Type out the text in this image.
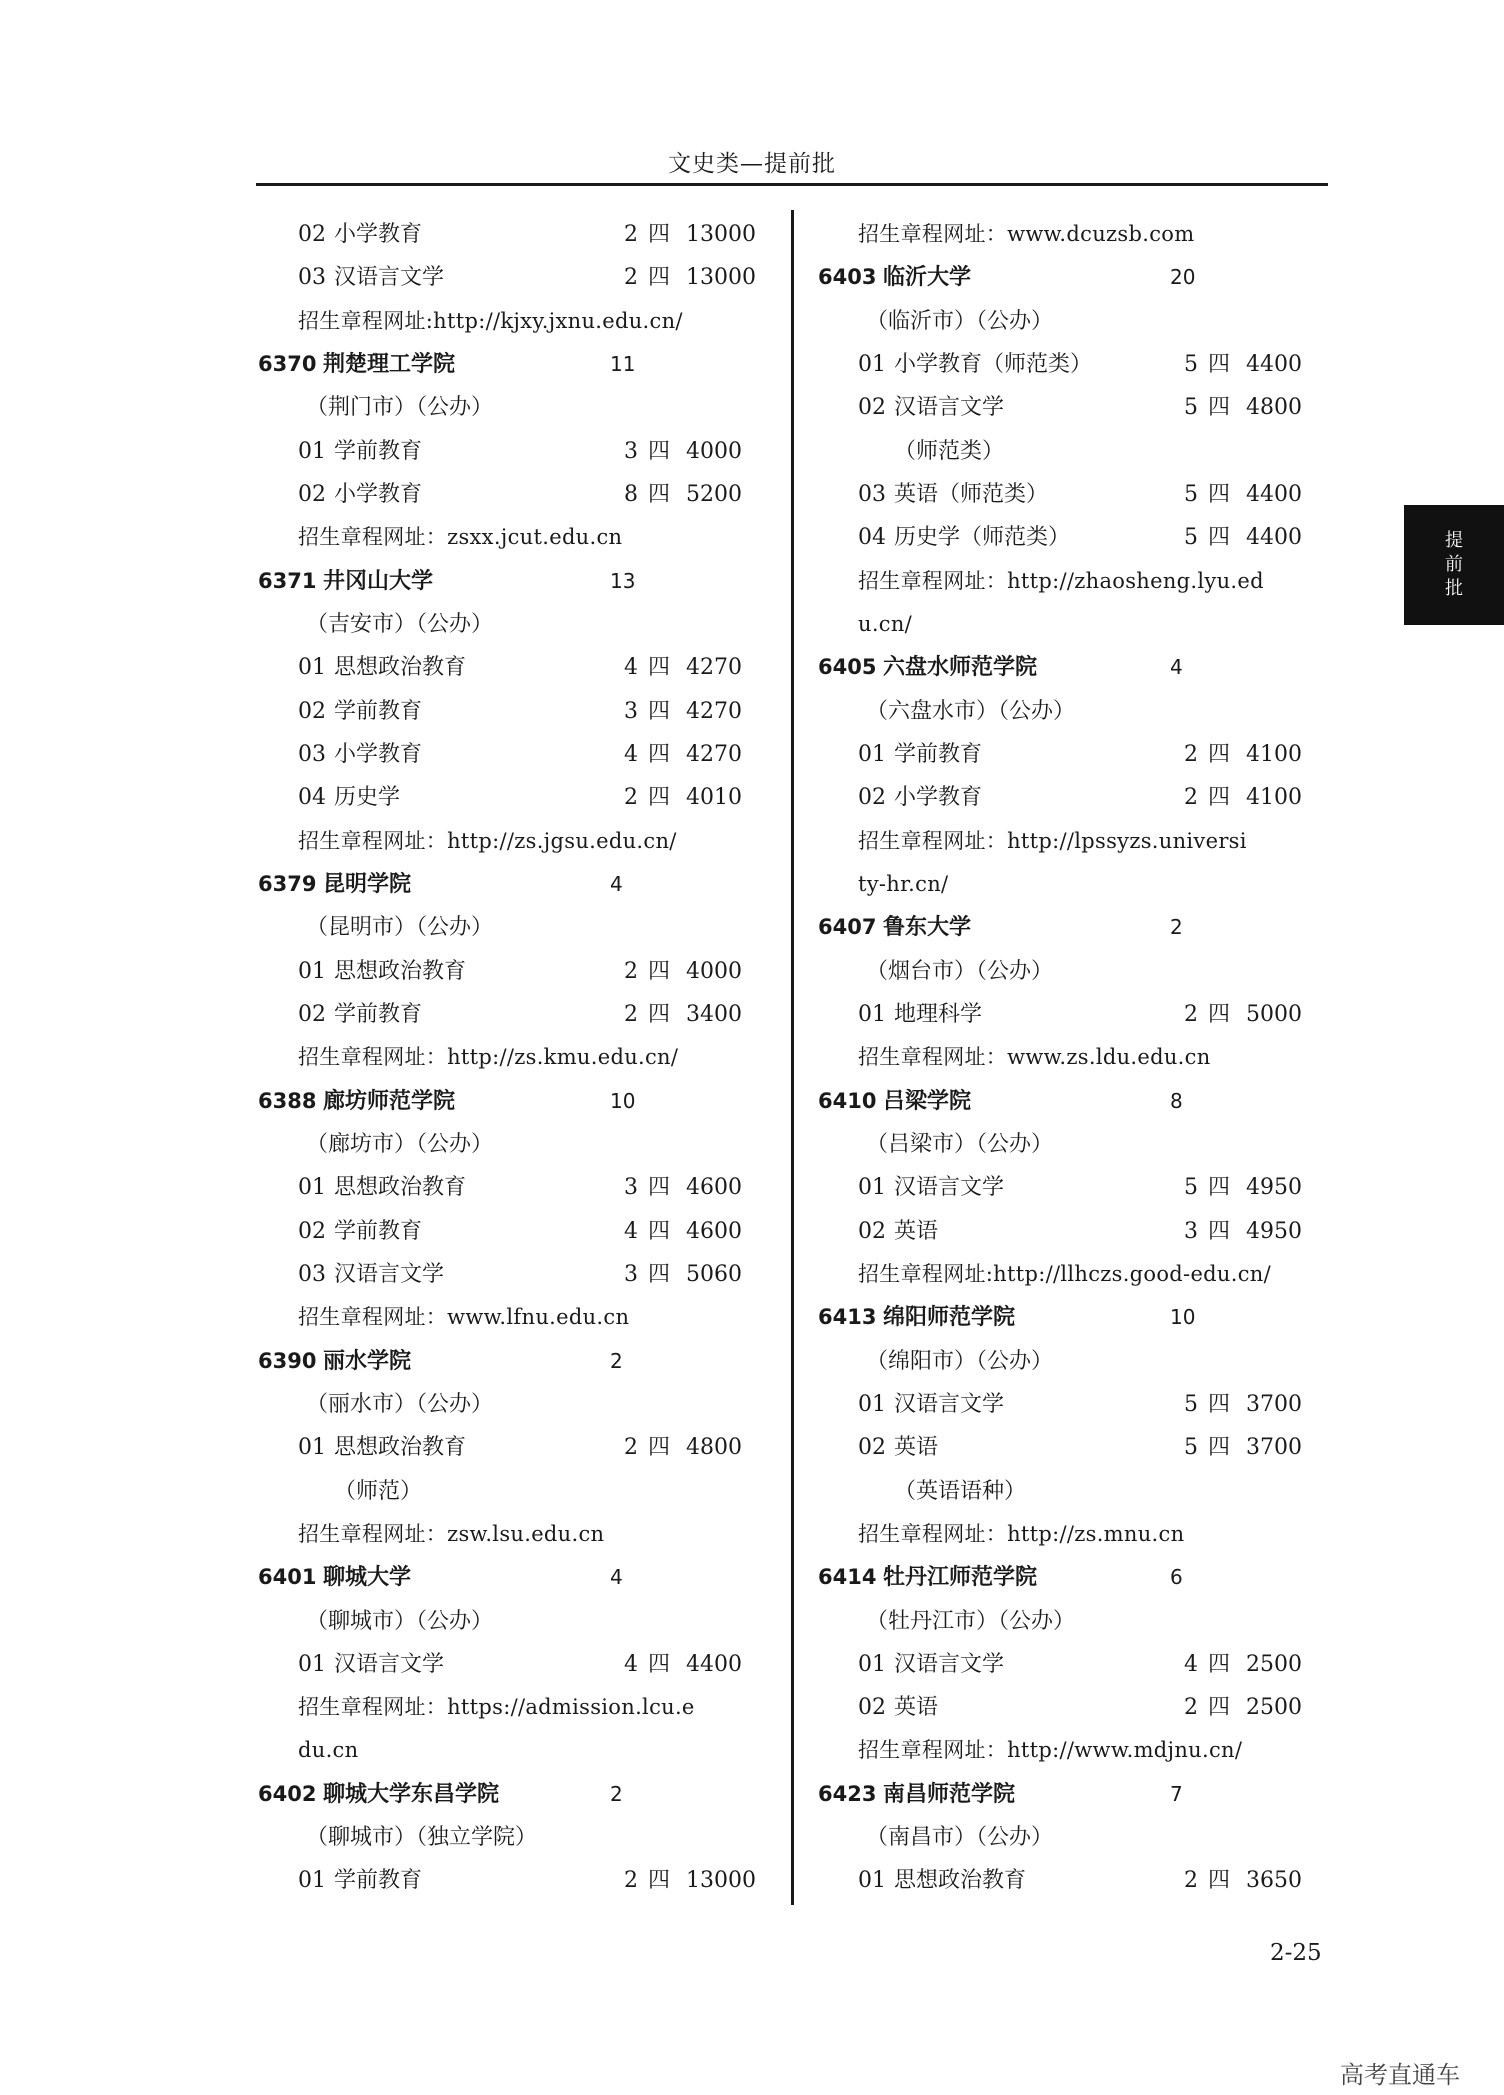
文史类—提前批
02 小学教育	2 四 13000
03 汉语言文学	2 四 13000
招生章程网址:http://kjxy.jxnu.edu.cn/
6370 荆楚理工学院	11
（荆门市）（公办）
01 学前教育	3 四 4000
02 小学教育	8 四 5200
招生章程网址：zsxx.jcut.edu.cn
6371 井冈山大学	13
（吉安市）（公办）
01 思想政治教育	4 四 4270
02 学前教育	3 四 4270
03 小学教育	4 四 4270
04 历史学	2 四 4010
招生章程网址：http://zs.jgsu.edu.cn/
6379 昆明学院	4
（昆明市）（公办）
01 思想政治教育	2 四 4000
02 学前教育	2 四 3400
招生章程网址：http://zs.kmu.edu.cn/
6388 廊坊师范学院	10
（廊坊市）（公办）
01 思想政治教育	3 四 4600
02 学前教育	4 四 4600
03 汉语言文学	3 四 5060
招生章程网址：www.lfnu.edu.cn
6390 丽水学院	2
（丽水市）（公办）
01 思想政治教育	2 四 4800
（师范）
招生章程网址：zsw.lsu.edu.cn
6401 聊城大学	4
（聊城市）（公办）
01 汉语言文学	4 四 4400
招生章程网址：https://admission.lcu.e
du.cn
6402 聊城大学东昌学院	2
（聊城市）（独立学院）
01 学前教育	2 四 13000
招生章程网址：www.dcuzsb.com
6403 临沂大学	20
（临沂市）（公办）
01 小学教育（师范类）	5 四 4400
02 汉语言文学	5 四 4800
（师范类）
03 英语（师范类）	5 四 4400
04 历史学（师范类）	5 四 4400
招生章程网址：http://zhaosheng.lyu.ed
u.cn/
6405 六盘水师范学院	4
（六盘水市）（公办）
01 学前教育	2 四 4100
02 小学教育	2 四 4100
招生章程网址：http://lpssyzs.universi
ty-hr.cn/
6407 鲁东大学	2
（烟台市）（公办）
01 地理科学	2 四 5000
招生章程网址：www.zs.ldu.edu.cn
6410 吕梁学院	8
（吕梁市）（公办）
01 汉语言文学	5 四 4950
02 英语	3 四 4950
招生章程网址:http://llhczs.good-edu.cn/
6413 绵阳师范学院	10
（绵阳市）（公办）
01 汉语言文学	5 四 3700
02 英语	5 四 3700
（英语语种）
招生章程网址：http://zs.mnu.cn
6414 牡丹江师范学院	6
（牡丹江市）（公办）
01 汉语言文学	4 四 2500
02 英语	2 四 2500
招生章程网址：http://www.mdjnu.cn/
6423 南昌师范学院	7
（南昌市）（公办）
01 思想政治教育	2 四 3650
提
前
批
2-25
高考直通车
